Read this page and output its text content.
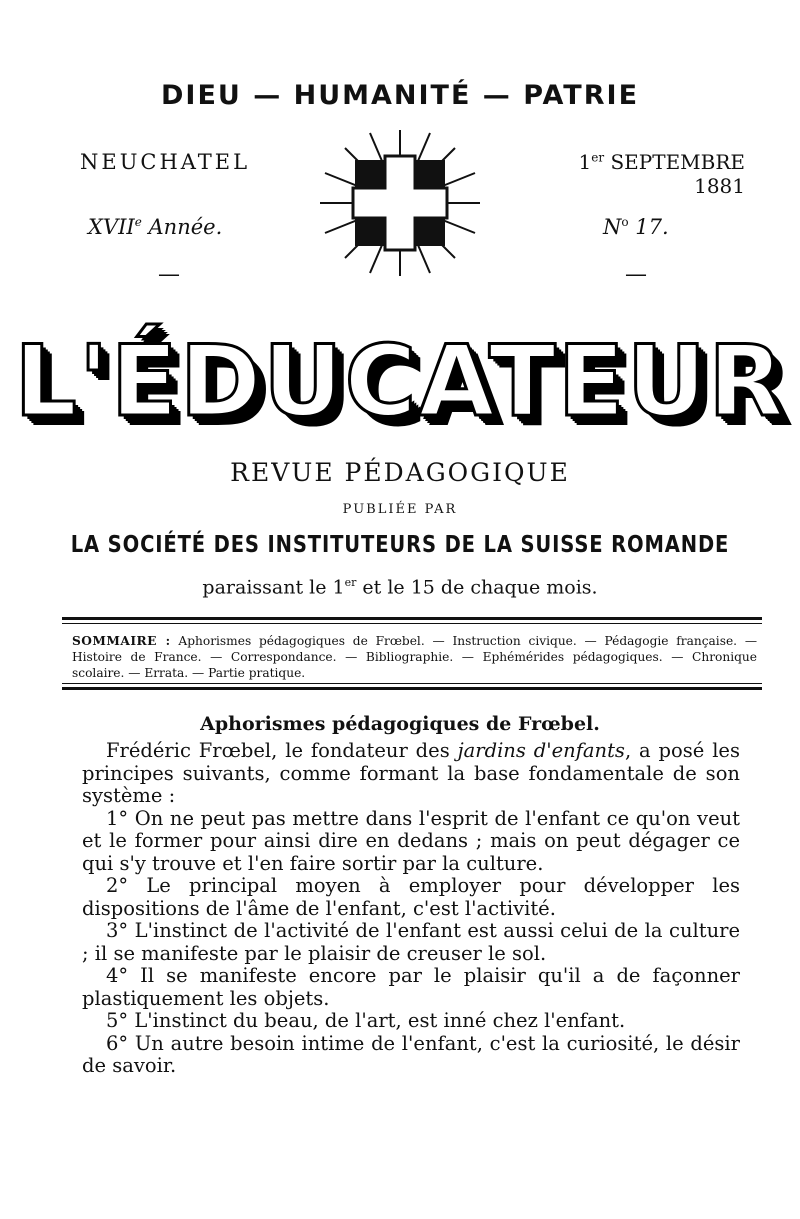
DIEU — HUMANITÉ — PATRIE
NEUCHATEL	1er SEPTEMBRE 1881
XVIIe Année.	$N^o$ 17.
—	—
L'ÉDUCATEUR
REVUE PÉDAGOGIQUE
PUBLIÉE PAR
LA SOCIÉTÉ DES INSTITUTEURS DE LA SUISSE ROMANDE
paraissant le 1er et le 15 de chaque mois.
SOMMAIRE : Aphorismes pédagogiques de Frœbel. — Instruction civique. — Pédagogie française. — Histoire de France. — Correspondance. — Bibliographie. — Ephémérides pédagogiques. — Chronique scolaire. — Errata. — Partie pratique.
Aphorismes pédagogiques de Frœbel.

Frédéric Frœbel, le fondateur des jardins d'enfants, a posé les principes suivants, comme formant la base fondamentale de son système :

1° On ne peut pas mettre dans l'esprit de l'enfant ce qu'on veut et le former pour ainsi dire en dedans ; mais on peut dégager ce qui s'y trouve et l'en faire sortir par la culture.

2° Le principal moyen à employer pour développer les dispositions de l'âme de l'enfant, c'est l'activité.

3° L'instinct de l'activité de l'enfant est aussi celui de la culture ; il se manifeste par le plaisir de creuser le sol.

4° Il se manifeste encore par le plaisir qu'il a de façonner plastiquement les objets.

5° L'instinct du beau, de l'art, est inné chez l'enfant.

6° Un autre besoin intime de l'enfant, c'est la curiosité, le désir de savoir.
